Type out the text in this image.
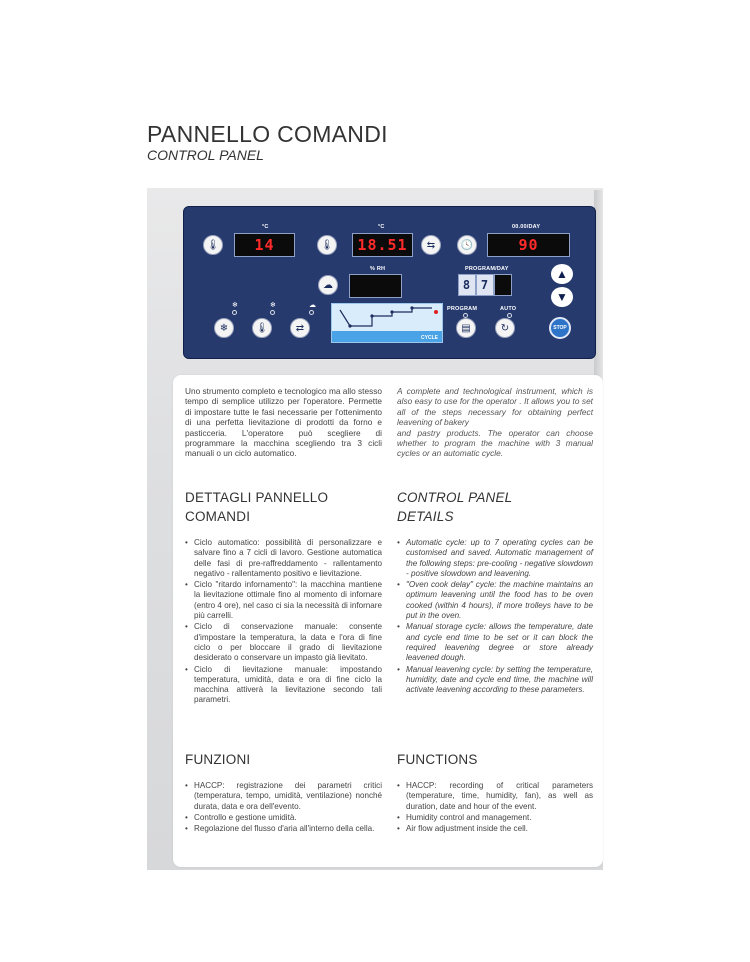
PANNELLO COMANDI
CONTROL PANEL
°C
🌡	14
°C
🌡	18.51	⇆
00.00/DAY
🕓	90
% RH
☁
PROGRAM/DAY
8 7
▲
▼
❄	❄	☁
❄	🌡	⇄
CYCLE
PROGRAM
▤
AUTO
↻	STOP
Uno strumento completo e tecnologico ma allo stesso tempo di semplice utilizzo per l'operatore. Permette di impostare tutte le fasi necessarie per l'ottenimento di una perfetta lievitazione di prodotti da forno e pasticceria. L'operatore può scegliere di programmare la macchina scegliendo tra 3 cicli manuali o un ciclo automatico.
A complete and technological instrument, which is also easy to use for the operator . It allows you to set all of the steps necessary for obtaining perfect leavening of bakery
and pastry products. The operator can choose whether to program the machine with 3 manual cycles or an automatic cycle.
DETTAGLI PANNELLO
COMANDI
CONTROL PANEL
DETAILS
• Ciclo automatico: possibilità di personalizzare e salvare fino a 7 cicli di lavoro. Gestione automatica delle fasi di pre-raffreddamento - rallentamento negativo - rallentamento positivo e lievitazione.
• Ciclo "ritardo infornamento": la macchina mantiene la lievitazione ottimale fino al momento di infornare (entro 4 ore), nel caso ci sia la necessità di infornare più carrelli.
• Ciclo di conservazione manuale: consente d'impostare la temperatura, la data e l'ora di fine ciclo o per bloccare il grado di lievitazione desiderato o conservare un impasto già lievitato.
• Ciclo di lievitazione manuale: impostando temperatura, umidità, data e ora di fine ciclo la macchina attiverà la lievitazione secondo tali parametri.
• Automatic cycle: up to 7 operating cycles can be customised and saved. Automatic management of the following steps: pre-cooling - negative slowdown - positive slowdown and leavening.
• "Oven cook delay" cycle: the machine maintains an optimum leavening until the food has to be oven cooked (within 4 hours), if more trolleys have to be put in the oven.
• Manual storage cycle: allows the temperature, date and cycle end time to be set or it can block the required leavening degree or store already leavened dough.
• Manual leavening cycle: by setting the temperature, humidity, date and cycle end time, the machine will activate leavening according to these parameters.
FUNZIONI	FUNCTIONS
• HACCP: registrazione dei parametri critici (temperatura, tempo, umidità, ventilazione) nonché durata, data e ora dell'evento.
• Controllo e gestione umidità.
• Regolazione del flusso d'aria all'interno della cella.
• HACCP: recording of critical parameters (temperature, time, humidity, fan), as well as duration, date and hour of the event.
• Humidity control and management.
• Air flow adjustment inside the cell.
